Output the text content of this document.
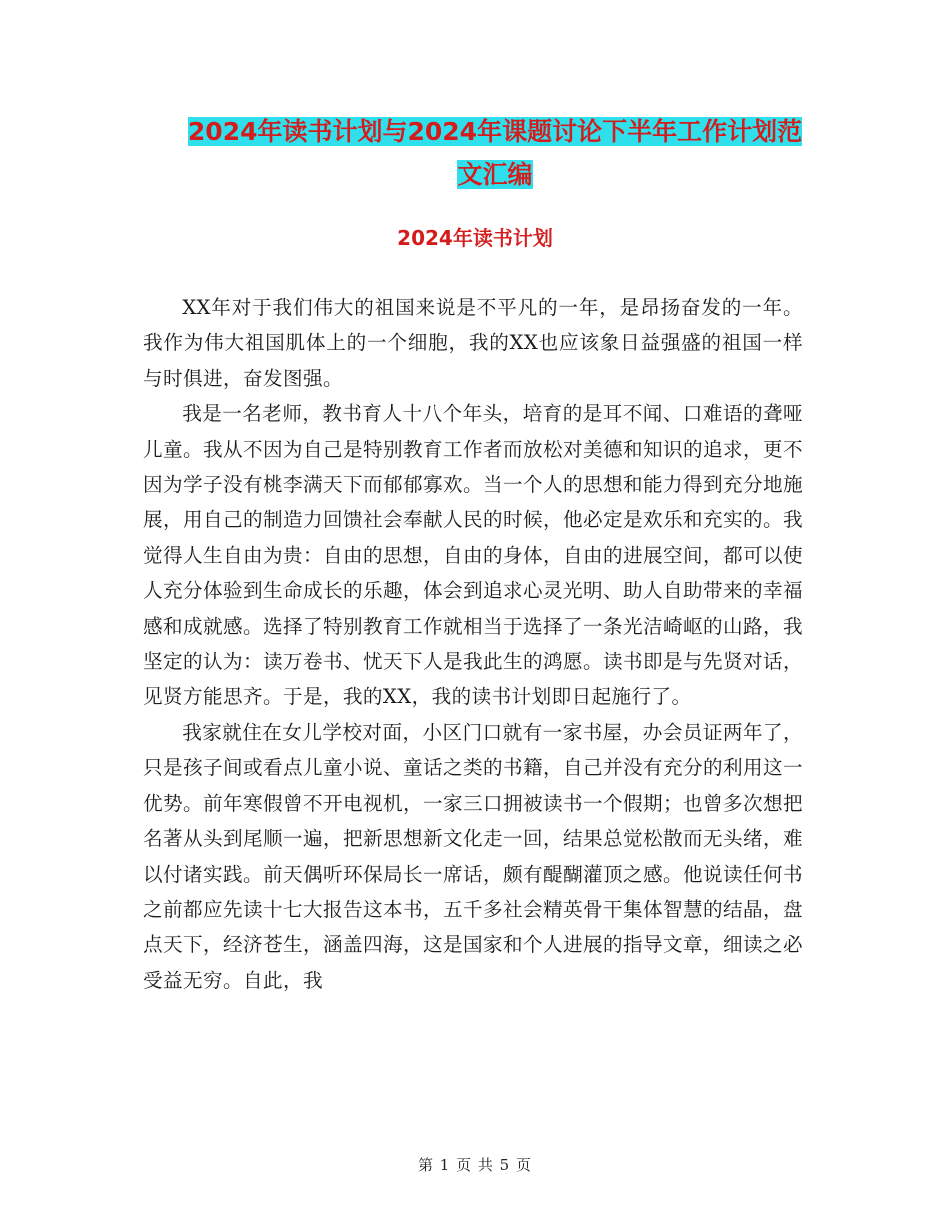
2024年读书计划与2024年课题讨论下半年工作计划范
文汇编
2024年读书计划

XX年对于我们伟大的祖国来说是不平凡的一年，是昂扬奋发的一年。我作为伟大祖国肌体上的一个细胞，我的XX也应该象日益强盛的祖国一样与时俱进，奋发图强。

我是一名老师，教书育人十八个年头，培育的是耳不闻、口难语的聋哑儿童。我从不因为自己是特别教育工作者而放松对美德和知识的追求，更不因为学子没有桃李满天下而郁郁寡欢。当一个人的思想和能力得到充分地施展，用自己的制造力回馈社会奉献人民的时候，他必定是欢乐和充实的。我觉得人生自由为贵：自由的思想，自由的身体，自由的进展空间，都可以使人充分体验到生命成长的乐趣，体会到追求心灵光明、助人自助带来的幸福感和成就感。选择了特别教育工作就相当于选择了一条光洁崎岖的山路，我坚定的认为：读万卷书、忧天下人是我此生的鸿愿。读书即是与先贤对话，见贤方能思齐。于是，我的XX，我的读书计划即日起施行了。

我家就住在女儿学校对面，小区门口就有一家书屋，办会员证两年了，只是孩子间或看点儿童小说、童话之类的书籍，自己并没有充分的利用这一优势。前年寒假曾不开电视机，一家三口拥被读书一个假期；也曾多次想把名著从头到尾顺一遍，把新思想新文化走一回，结果总觉松散而无头绪，难以付诸实践。前天偶听环保局长一席话，颇有醍醐灌顶之感。他说读任何书之前都应先读十七大报告这本书，五千多社会精英骨干集体智慧的结晶，盘点天下，经济苍生，涵盖四海，这是国家和个人进展的指导文章，细读之必受益无穷。自此，我

第 1 页 共 5 页
